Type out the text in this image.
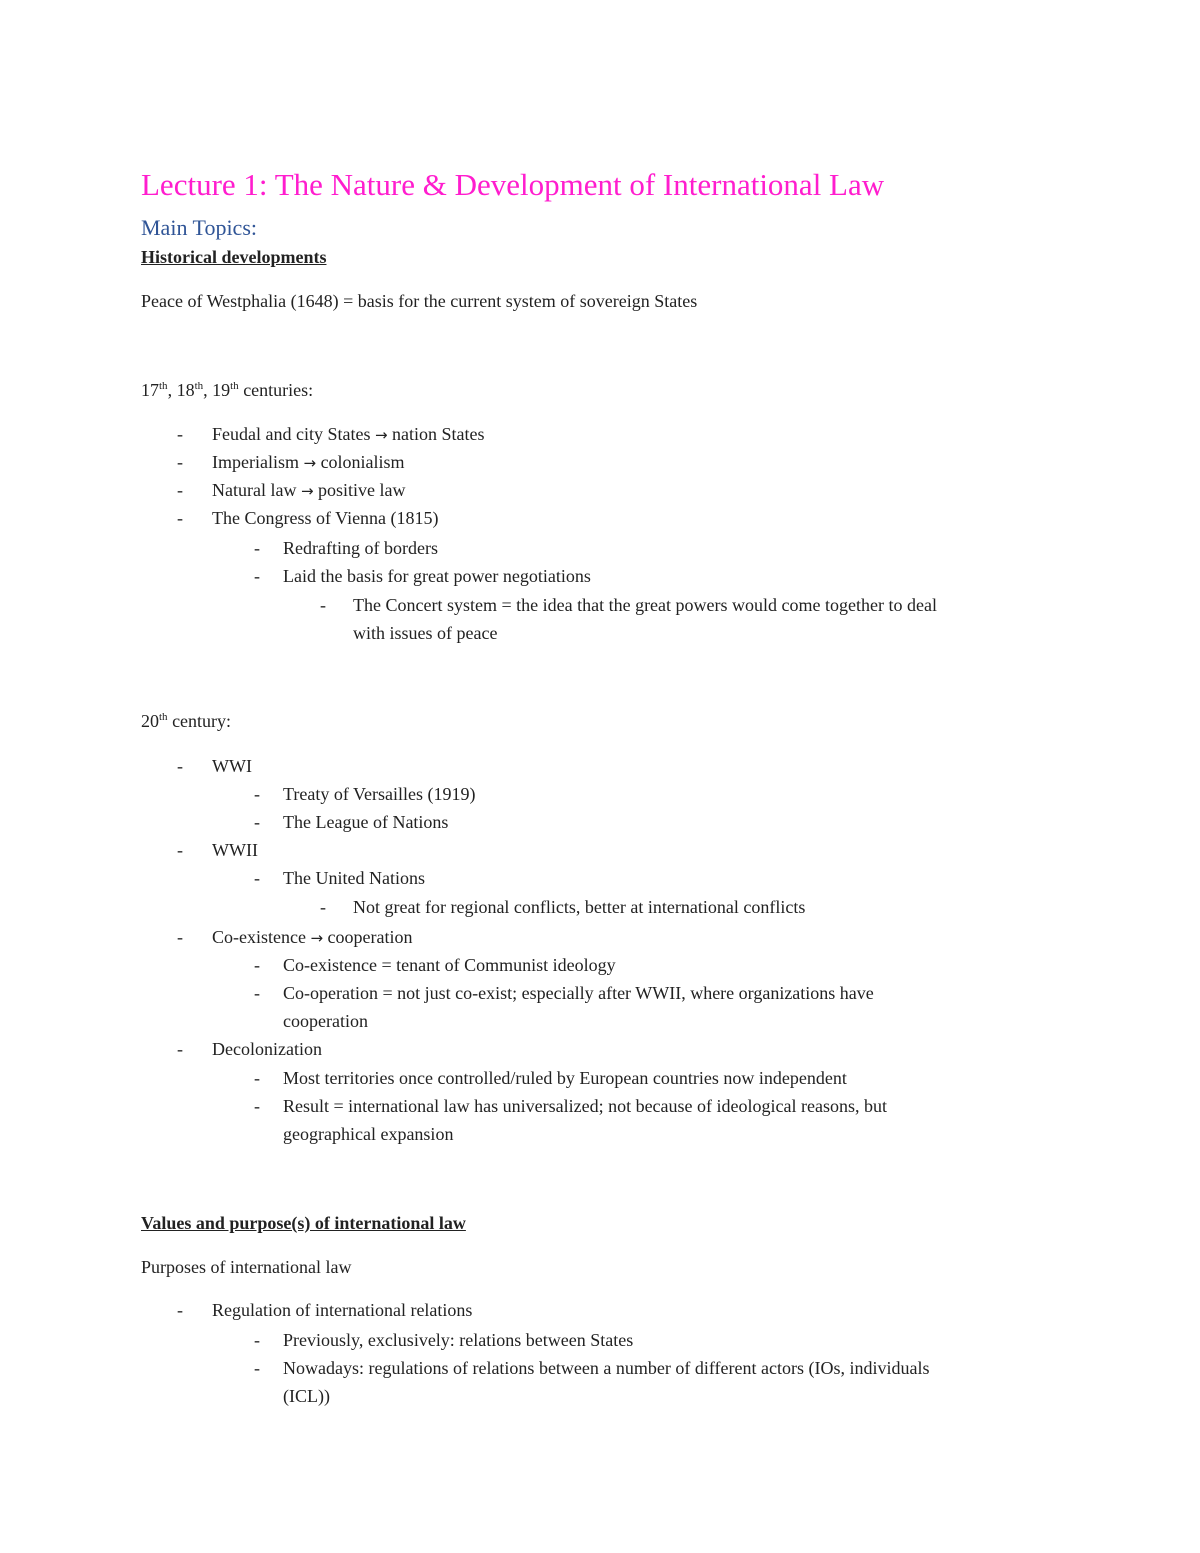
Lecture 1: The Nature & Development of International Law
Main Topics:
Historical developments
Peace of Westphalia (1648) = basis for the current system of sovereign States
17th, 18th, 19th centuries:
- Feudal and city States → nation States
- Imperialism → colonialism
- Natural law → positive law
- The Congress of Vienna (1815)
- Redrafting of borders
- Laid the basis for great power negotiations
- The Concert system = the idea that the great powers would come together to deal
with issues of peace
20th century:
- WWI
- Treaty of Versailles (1919)
- The League of Nations
- WWII
- The United Nations
- Not great for regional conflicts, better at international conflicts
- Co-existence → cooperation
- Co-existence = tenant of Communist ideology
- Co-operation = not just co-exist; especially after WWII, where organizations have
cooperation
- Decolonization
- Most territories once controlled/ruled by European countries now independent
- Result = international law has universalized; not because of ideological reasons, but
geographical expansion
Values and purpose(s) of international law
Purposes of international law
- Regulation of international relations
- Previously, exclusively: relations between States
- Nowadays: regulations of relations between a number of different actors (IOs, individuals
(ICL))
